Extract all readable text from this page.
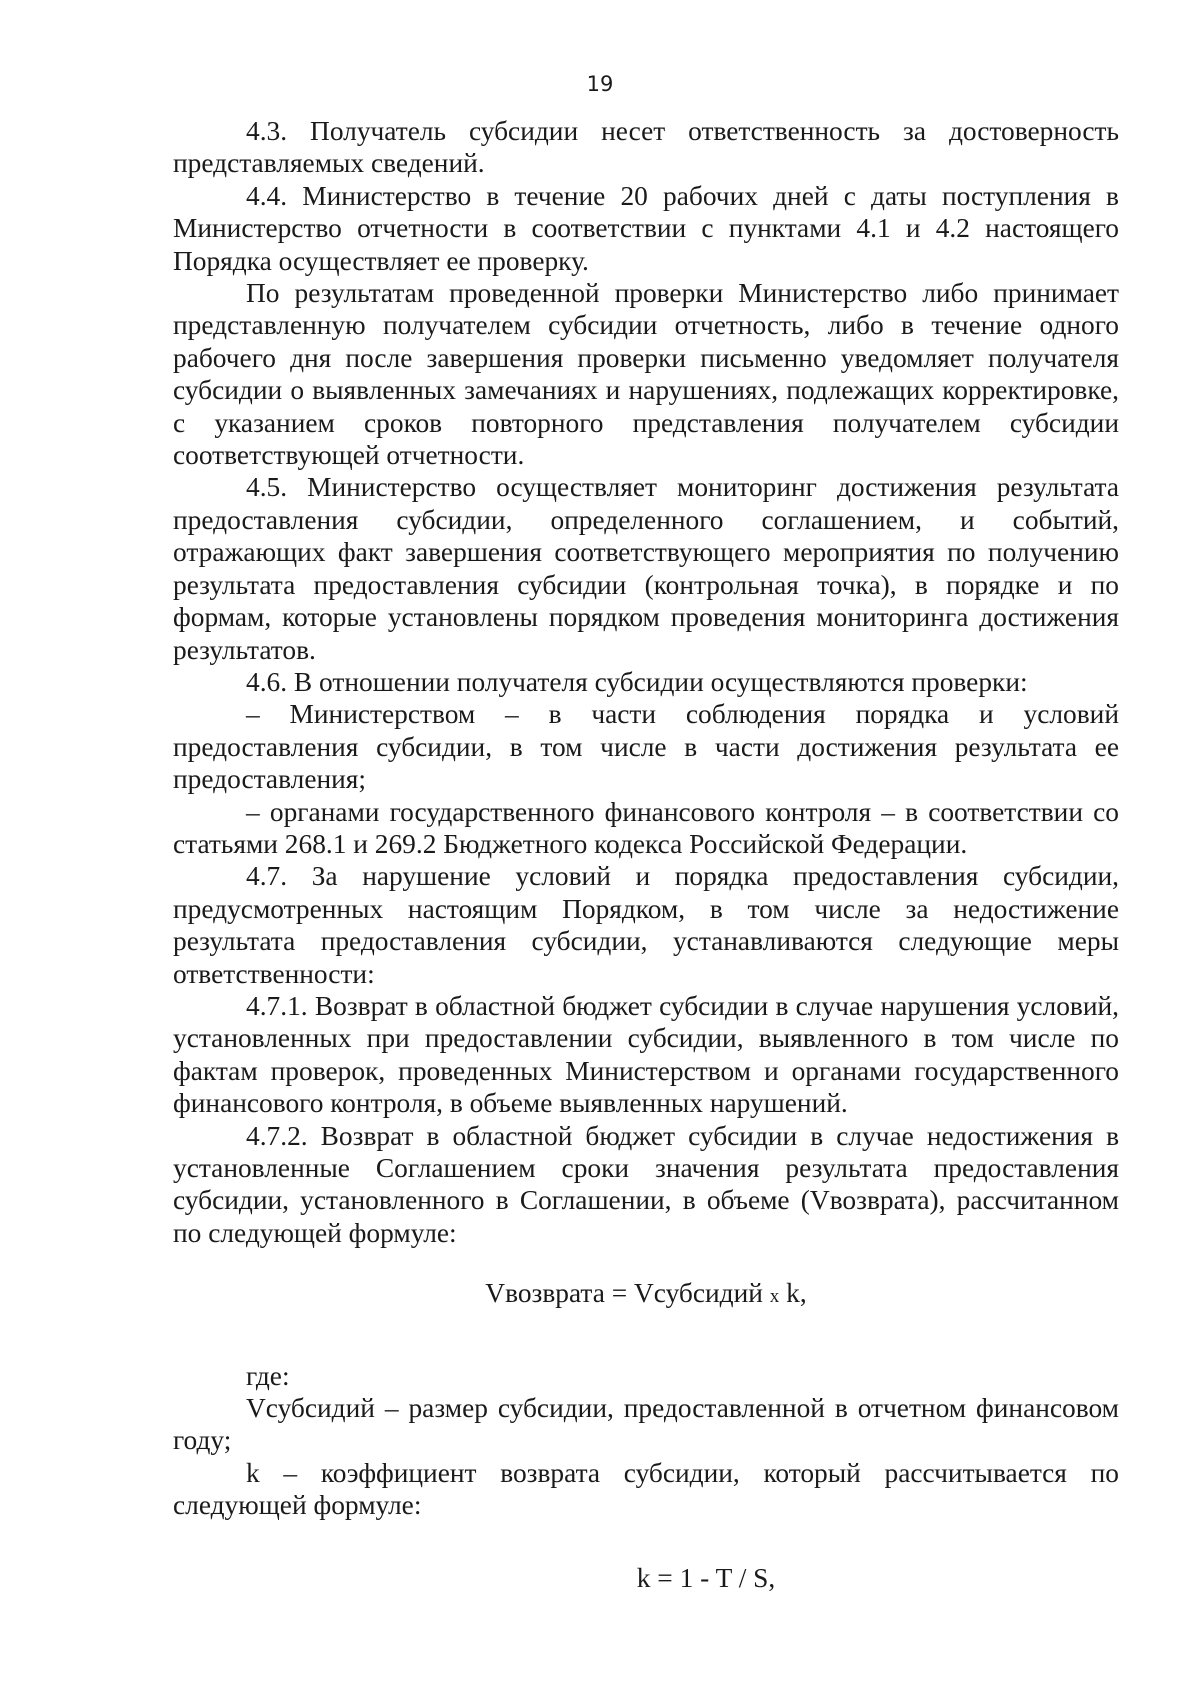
19

4.3. Получатель субсидии несет ответственность за достоверность представляемых сведений.

4.4. Министерство в течение 20 рабочих дней с даты поступления в Министерство отчетности в соответствии с пунктами 4.1 и 4.2 настоящего Порядка осуществляет ее проверку.

По результатам проведенной проверки Министерство либо принимает представленную получателем субсидии отчетность, либо в течение одного рабочего дня после завершения проверки письменно уведомляет получателя субсидии о выявленных замечаниях и нарушениях, подлежащих корректировке, с указанием сроков повторного представления получателем субсидии соответствующей отчетности.

4.5. Министерство осуществляет мониторинг достижения результата предоставления субсидии, определенного соглашением, и событий, отражающих факт завершения соответствующего мероприятия по получению результата предоставления субсидии (контрольная точка), в порядке и по формам, которые установлены порядком проведения мониторинга достижения результатов.

4.6. В отношении получателя субсидии осуществляются проверки:

– Министерством – в части соблюдения порядка и условий предоставления субсидии, в том числе в части достижения результата ее предоставления;

– органами государственного финансового контроля – в соответствии со статьями 268.1 и 269.2 Бюджетного кодекса Российской Федерации.

4.7. За нарушение условий и порядка предоставления субсидии, предусмотренных настоящим Порядком, в том числе за недостижение результата предоставления субсидии, устанавливаются следующие меры ответственности:

4.7.1. Возврат в областной бюджет субсидии в случае нарушения условий, установленных при предоставлении субсидии, выявленного в том числе по фактам проверок, проведенных Министерством и органами государственного финансового контроля, в объеме выявленных нарушений.

4.7.2. Возврат в областной бюджет субсидии в случае недостижения в установленные Соглашением сроки значения результата предоставления субсидии, установленного в Соглашении, в объеме (Vвозврата), рассчитанном по следующей формуле:

Vвозврата = Vсубсидий x k,

где:

Vсубсидий – размер субсидии, предоставленной в отчетном финансовом году;

k – коэффициент возврата субсидии, который рассчитывается по следующей формуле:

k = 1 - T / S,
